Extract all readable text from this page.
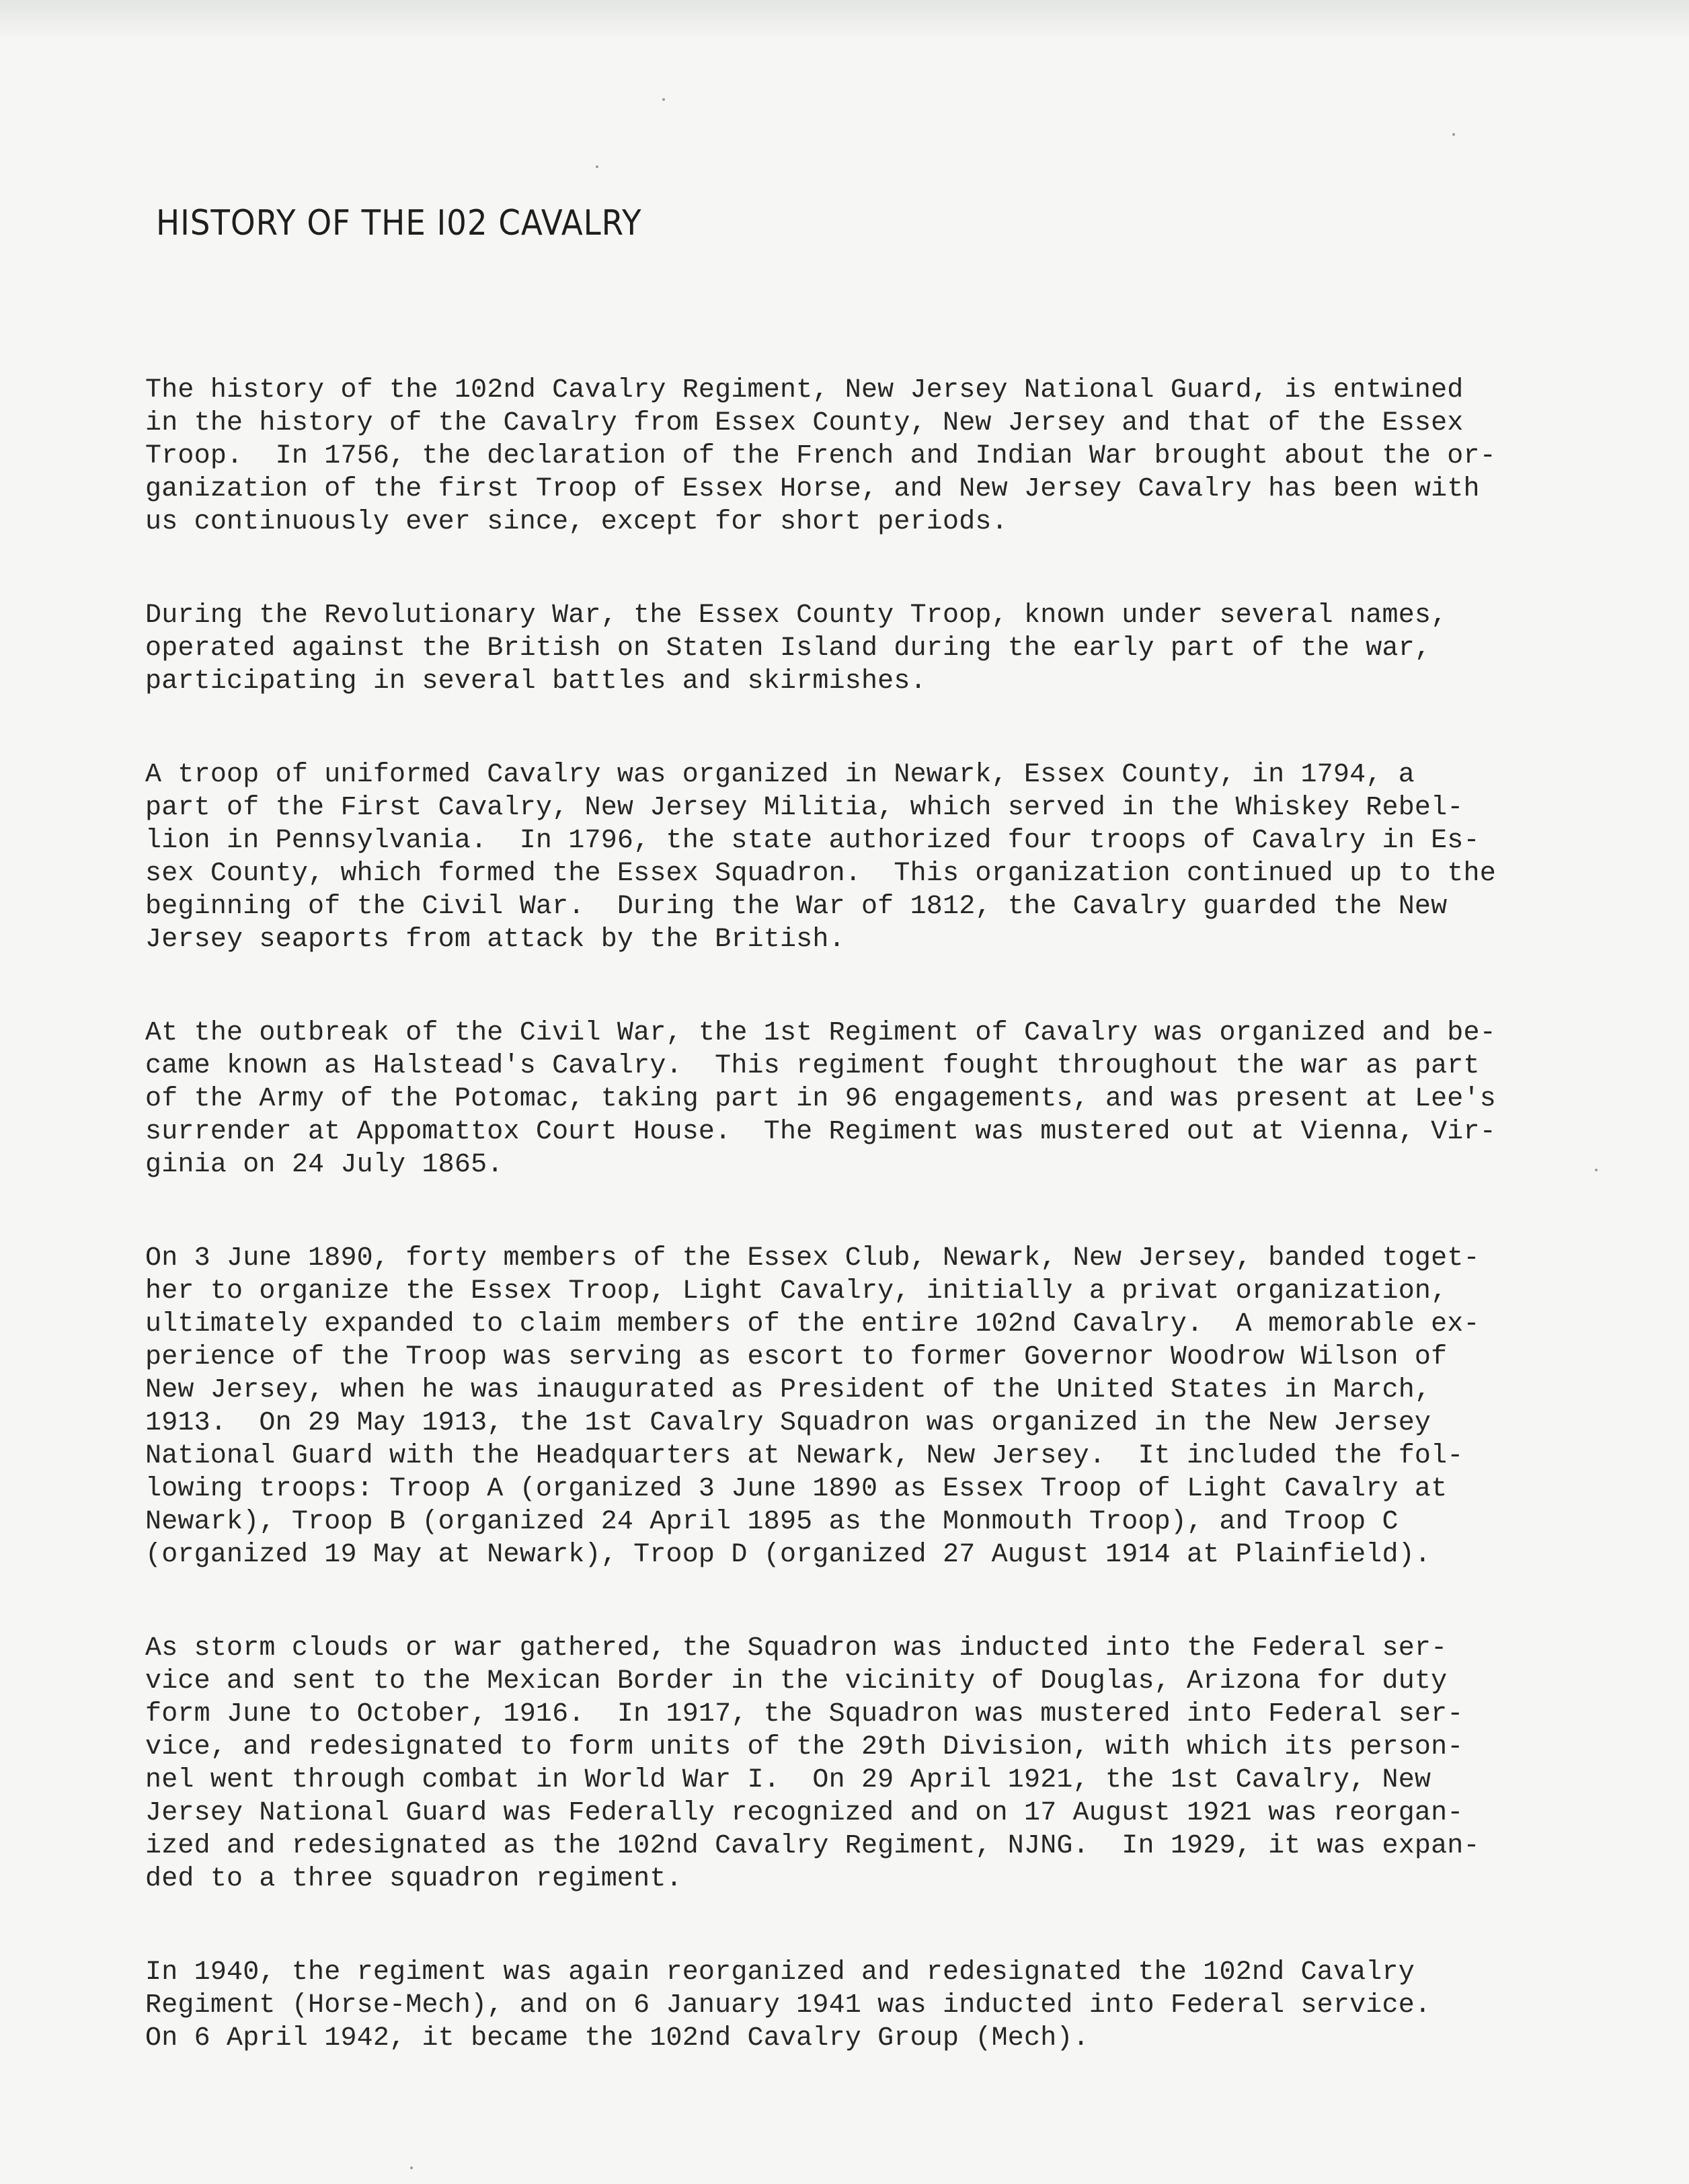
HISTORY OF THE I02 CAVALRY
The history of the 102nd Cavalry Regiment, New Jersey National Guard, is entwined
in the history of the Cavalry from Essex County, New Jersey and that of the Essex
Troop.  In 1756, the declaration of the French and Indian War brought about the or-
ganization of the first Troop of Essex Horse, and New Jersey Cavalry has been with
us continuously ever since, except for short periods.
During the Revolutionary War, the Essex County Troop, known under several names,
operated against the British on Staten Island during the early part of the war,
participating in several battles and skirmishes.
A troop of uniformed Cavalry was organized in Newark, Essex County, in 1794, a
part of the First Cavalry, New Jersey Militia, which served in the Whiskey Rebel-
lion in Pennsylvania.  In 1796, the state authorized four troops of Cavalry in Es-
sex County, which formed the Essex Squadron.  This organization continued up to the
beginning of the Civil War.  During the War of 1812, the Cavalry guarded the New
Jersey seaports from attack by the British.
At the outbreak of the Civil War, the 1st Regiment of Cavalry was organized and be-
came known as Halstead's Cavalry.  This regiment fought throughout the war as part
of the Army of the Potomac, taking part in 96 engagements, and was present at Lee's
surrender at Appomattox Court House.  The Regiment was mustered out at Vienna, Vir-
ginia on 24 July 1865.
On 3 June 1890, forty members of the Essex Club, Newark, New Jersey, banded toget-
her to organize the Essex Troop, Light Cavalry, initially a privat organization,
ultimately expanded to claim members of the entire 102nd Cavalry.  A memorable ex-
perience of the Troop was serving as escort to former Governor Woodrow Wilson of
New Jersey, when he was inaugurated as President of the United States in March,
1913.  On 29 May 1913, the 1st Cavalry Squadron was organized in the New Jersey
National Guard with the Headquarters at Newark, New Jersey.  It included the fol-
lowing troops: Troop A (organized 3 June 1890 as Essex Troop of Light Cavalry at
Newark), Troop B (organized 24 April 1895 as the Monmouth Troop), and Troop C
(organized 19 May at Newark), Troop D (organized 27 August 1914 at Plainfield).
As storm clouds or war gathered, the Squadron was inducted into the Federal ser-
vice and sent to the Mexican Border in the vicinity of Douglas, Arizona for duty
form June to October, 1916.  In 1917, the Squadron was mustered into Federal ser-
vice, and redesignated to form units of the 29th Division, with which its person-
nel went through combat in World War I.  On 29 April 1921, the 1st Cavalry, New
Jersey National Guard was Federally recognized and on 17 August 1921 was reorgan-
ized and redesignated as the 102nd Cavalry Regiment, NJNG.  In 1929, it was expan-
ded to a three squadron regiment.
In 1940, the regiment was again reorganized and redesignated the 102nd Cavalry
Regiment (Horse-Mech), and on 6 January 1941 was inducted into Federal service.
On 6 April 1942, it became the 102nd Cavalry Group (Mech).
